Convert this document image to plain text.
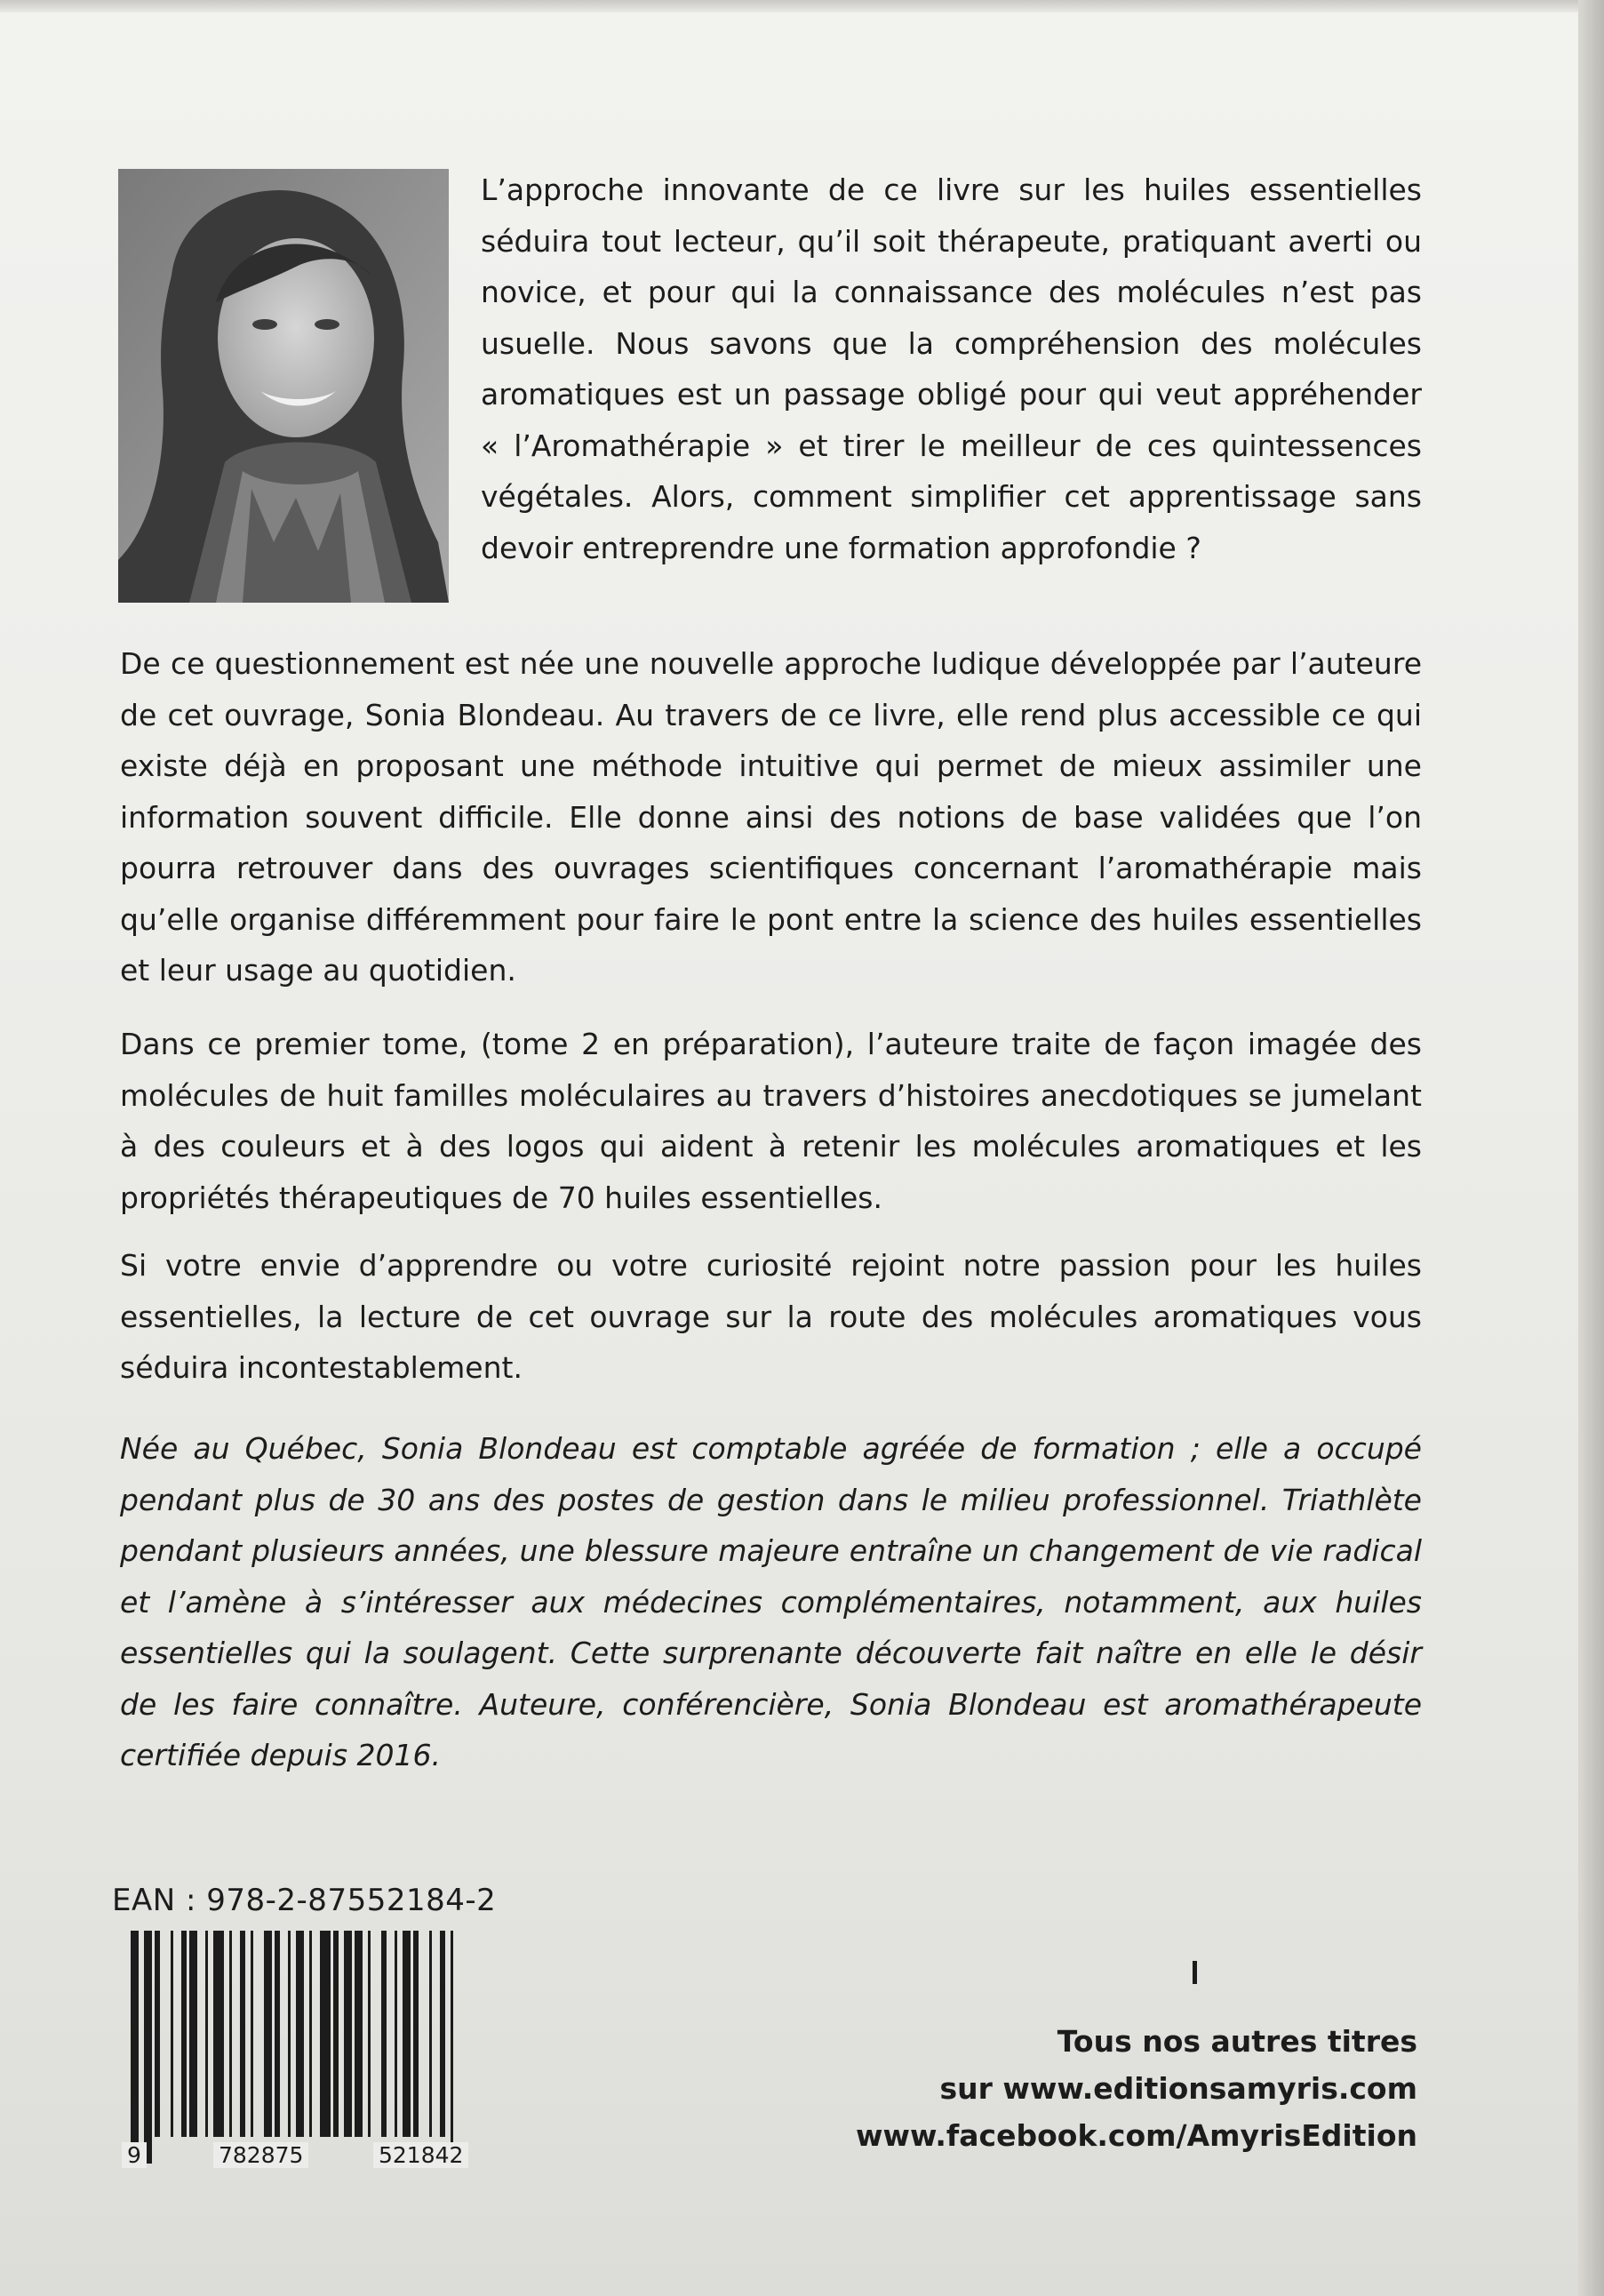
L’approche innovante de ce livre sur les huiles essentielles séduira tout lecteur, qu’il soit thérapeute, pratiquant averti ou novice, et pour qui la connaissance des molécules n’est pas usuelle. Nous savons que la compréhension des molécules aromatiques est un passage obligé pour qui veut appréhender « l’Aromathérapie » et tirer le meilleur de ces quintessences végétales. Alors, comment simplifier cet apprentissage sans devoir entreprendre une formation approfondie ?

De ce questionnement est née une nouvelle approche ludique développée par l’auteure de cet ouvrage, Sonia Blondeau. Au travers de ce livre, elle rend plus accessible ce qui existe déjà en proposant une méthode intuitive qui permet de mieux assimiler une information souvent difficile. Elle donne ainsi des notions de base validées que l’on pourra retrouver dans des ouvrages scientifiques concernant l’aromathérapie mais qu’elle organise différemment pour faire le pont entre la science des huiles essentielles et leur usage au quotidien.

Dans ce premier tome, (tome 2 en préparation), l’auteure traite de façon imagée des molécules de huit familles moléculaires au travers d’histoires anecdotiques se jumelant à des couleurs et à des logos qui aident à retenir les molécules aromatiques et les propriétés thérapeutiques de 70 huiles essentielles.

Si votre envie d’apprendre ou votre curiosité rejoint notre passion pour les huiles essentielles, la lecture de cet ouvrage sur la route des molécules aromatiques vous séduira incontestablement.

Née au Québec, Sonia Blondeau est comptable agréée de formation ; elle a occupé pendant plus de 30 ans des postes de gestion dans le milieu professionnel. Triathlète pendant plusieurs années, une blessure majeure entraîne un changement de vie radical et l’amène à s’intéresser aux médecines complémentaires, notamment, aux huiles essentielles qui la soulagent. Cette surprenante découverte fait naître en elle le désir de les faire connaître. Auteure, conférencière, Sonia Blondeau est aromathérapeute certifiée depuis 2016.

EAN : 978-2-87552184-2
9	782875	521842
Tous nos autres titres
sur www.editionsamyris.com
www.facebook.com/AmyrisEdition
